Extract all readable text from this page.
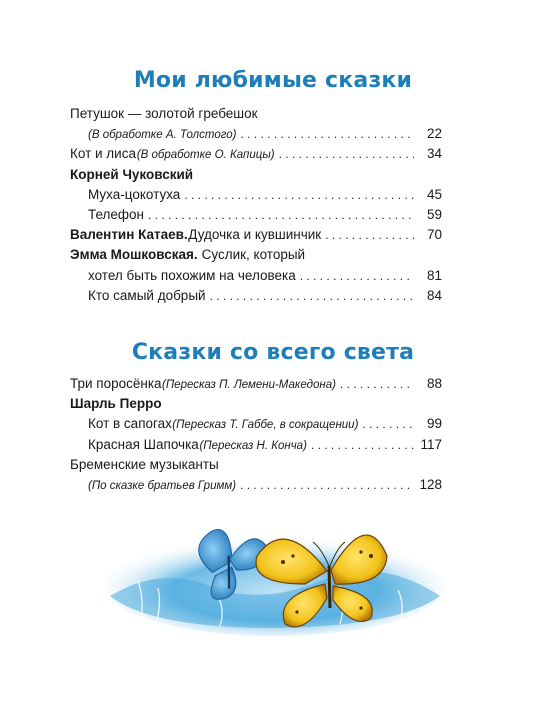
Мои любимые сказки
Петушок — золотой гребешок
(В обработке А. Толстого) . . .	22
Кот и лиса (В обработке О. Капицы) . . .	34
Корней Чуковский
Муха-цокотуха . . .	45
Телефон . . .	59
Валентин Катаев. Дудочка и кувшинчик . . .	70
Эмма Мошковская. Суслик, который
хотел быть похожим на человека . . .	81
Кто самый добрый . . .	84
Сказки со всего света
Три поросёнка (Пересказ П. Лемени-Македона) . . .	88
Шарль Перро
Кот в сапогах (Пересказ Т. Габбе, в сокращении) . . .	99
Красная Шапочка (Пересказ Н. Конча) . . .	117
Бременские музыканты
(По сказке братьев Гримм) . . .	128
